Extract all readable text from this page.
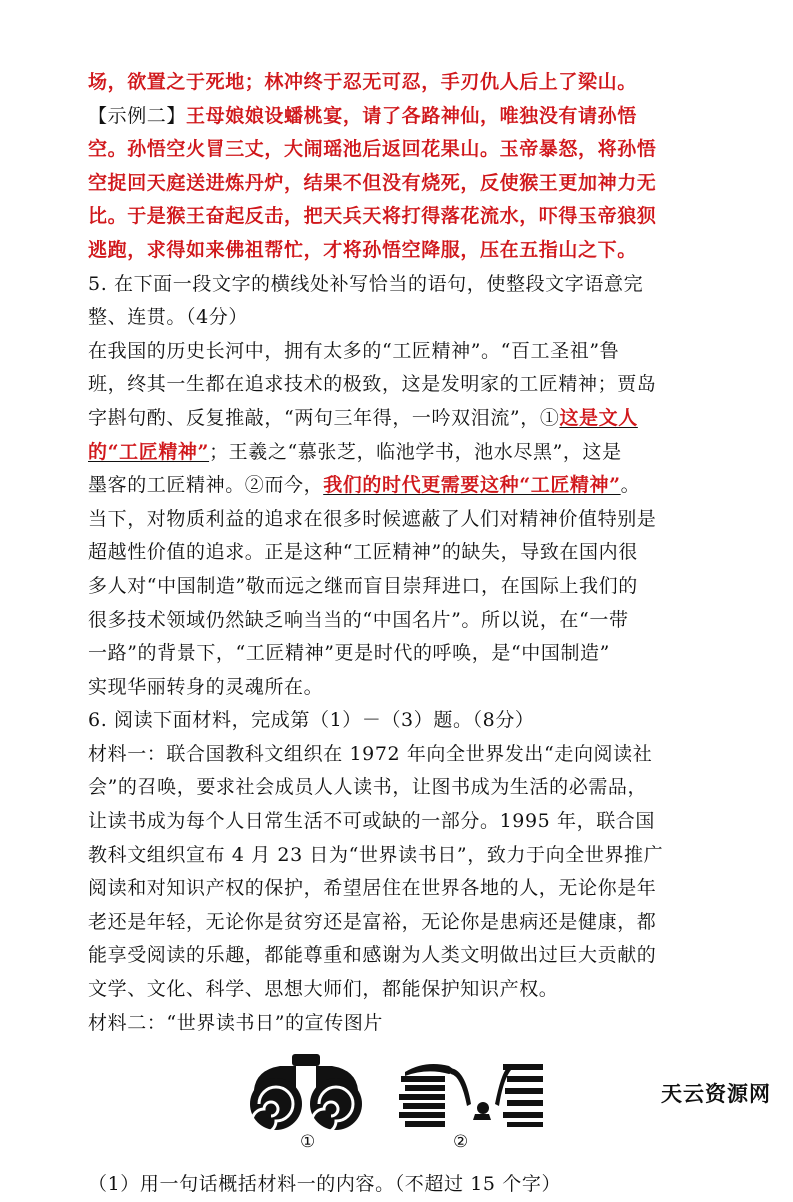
场，欲置之于死地；林冲终于忍无可忍，手刃仇人后上了梁山。
【示例二】王母娘娘设蟠桃宴，请了各路神仙，唯独没有请孙悟
空。孙悟空火冒三丈，大闹瑶池后返回花果山。玉帝暴怒，将孙悟
空捉回天庭送进炼丹炉，结果不但没有烧死，反使猴王更加神力无
比。于是猴王奋起反击，把天兵天将打得落花流水，吓得玉帝狼狈
逃跑，求得如来佛祖帮忙，才将孙悟空降服，压在五指山之下。
5. 在下面一段文字的横线处补写恰当的语句，使整段文字语意完
整、连贯。（4分）
在我国的历史长河中，拥有太多的“工匠精神”。“百工圣祖”鲁
班，终其一生都在追求技术的极致，这是发明家的工匠精神；贾岛
字斟句酌、反复推敲，“两句三年得，一吟双泪流”，①这是文人
的“工匠精神”；王羲之“慕张芝，临池学书，池水尽黑”，这是
墨客的工匠精神。②而今，我们的时代更需要这种“工匠精神”。
当下，对物质利益的追求在很多时候遮蔽了人们对精神价值特别是
超越性价值的追求。正是这种“工匠精神”的缺失，导致在国内很
多人对“中国制造”敬而远之继而盲目崇拜进口，在国际上我们的
很多技术领域仍然缺乏响当当的“中国名片”。所以说，在“一带
一路”的背景下，“工匠精神”更是时代的呼唤，是“中国制造”
实现华丽转身的灵魂所在。
6. 阅读下面材料，完成第（1）－（3）题。（8分）
材料一：联合国教科文组织在 1972 年向全世界发出“走向阅读社
会”的召唤，要求社会成员人人读书，让图书成为生活的必需品，
让读书成为每个人日常生活不可或缺的一部分。1995 年，联合国
教科文组织宣布 4 月 23 日为“世界读书日”，致力于向全世界推广
阅读和对知识产权的保护，希望居住在世界各地的人，无论你是年
老还是年轻，无论你是贫穷还是富裕，无论你是患病还是健康，都
能享受阅读的乐趣，都能尊重和感谢为人类文明做出过巨大贡献的
文学、文化、科学、思想大师们，都能保护知识产权。
材料二：“世界读书日”的宣传图片
①	②
（1）用一句话概括材料一的内容。（不超过 15 个字）
天云资源网
